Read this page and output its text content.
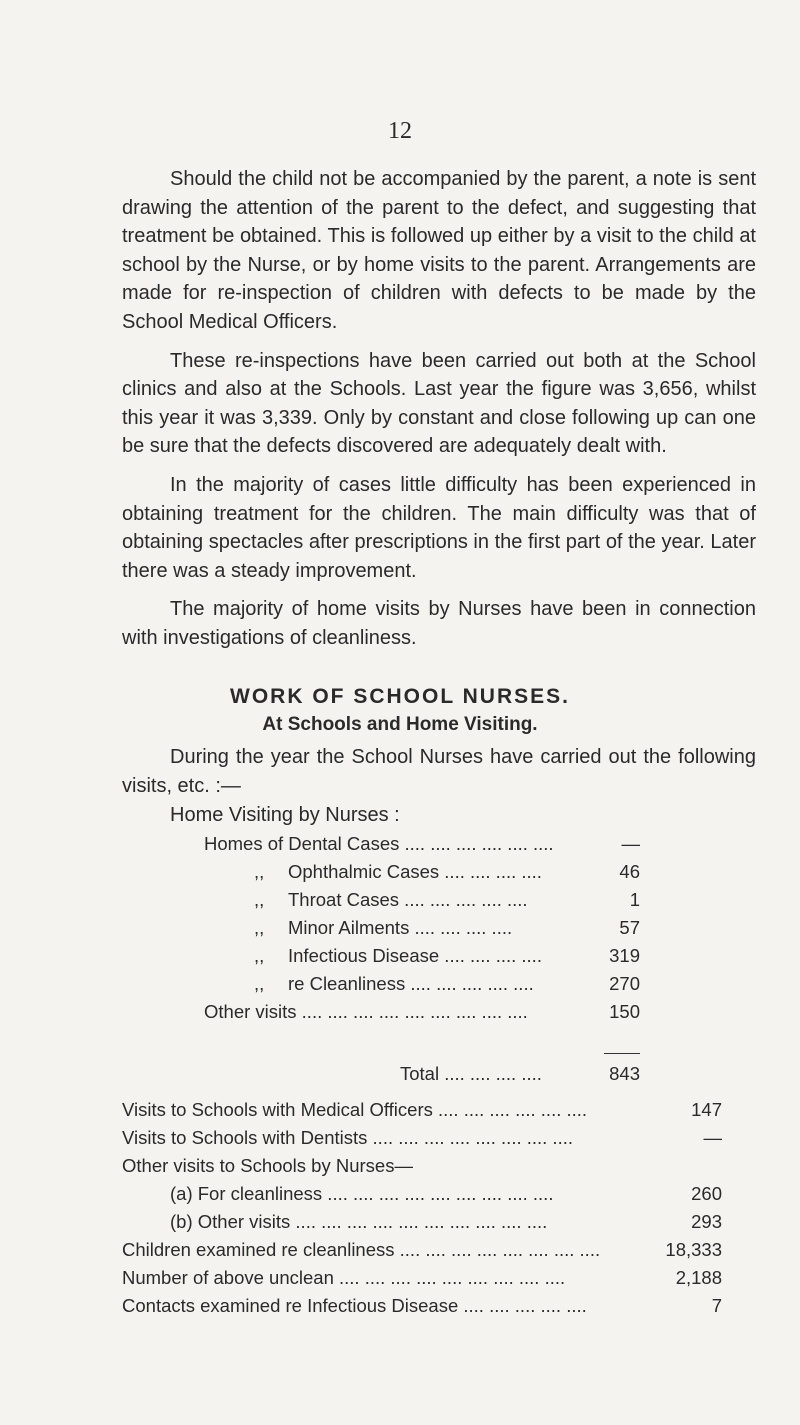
12

Should the child not be accompanied by the parent, a note is sent drawing the attention of the parent to the defect, and suggesting that treatment be obtained. This is followed up either by a visit to the child at school by the Nurse, or by home visits to the parent. Arrangements are made for re-inspection of children with defects to be made by the School Medical Officers.

These re-inspections have been carried out both at the School clinics and also at the Schools. Last year the figure was 3,656, whilst this year it was 3,339. Only by constant and close following up can one be sure that the defects discovered are adequately dealt with.

In the majority of cases little difficulty has been experienced in obtaining treatment for the children. The main difficulty was that of obtaining spectacles after prescriptions in the first part of the year. Later there was a steady improvement.

The majority of home visits by Nurses have been in connection with investigations of cleanliness.

WORK OF SCHOOL NURSES.
At Schools and Home Visiting.

During the year the School Nurses have carried out the following visits, etc. :—

Home Visiting by Nurses :
Homes of Dental Cases .... .... .... .... .... ....	—
,, Ophthalmic Cases .... .... .... ....	46
,, Throat Cases .... .... .... .... ....	1
,, Minor Ailments .... .... .... ....	57
,, Infectious Disease .... .... .... ....	319
,, re Cleanliness .... .... .... .... ....	270
Other visits .... .... .... .... .... .... .... .... ....	150
Total .... .... .... ....	843
Visits to Schools with Medical Officers .... .... .... .... .... ....	147
Visits to Schools with Dentists .... .... .... .... .... .... .... ....	—
Other visits to Schools by Nurses—
(a) For cleanliness .... .... .... .... .... .... .... .... ....	260
(b) Other visits .... .... .... .... .... .... .... .... .... ....	293
Children examined re cleanliness .... .... .... .... .... .... .... ....	18,333
Number of above unclean .... .... .... .... .... .... .... .... ....	2,188
Contacts examined re Infectious Disease .... .... .... .... ....	7
